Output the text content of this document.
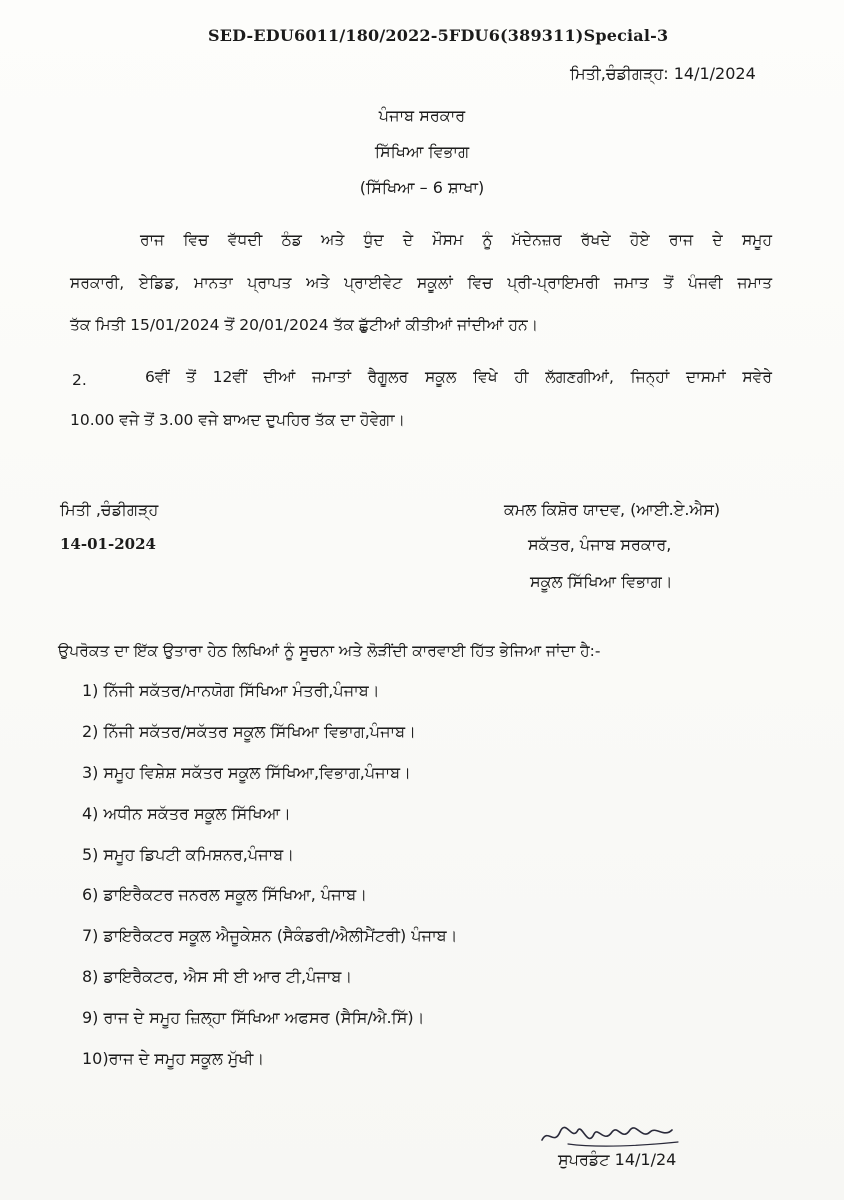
SED-EDU6011/180/2022-5FDU6(389311)Special-3
ਮਿਤੀ,ਚੰਡੀਗੜ੍ਹ: 14/1/2024
ਪੰਜਾਬ ਸਰਕਾਰ
ਸਿੱਖਿਆ ਵਿਭਾਗ
(ਸਿੱਖਿਆ – 6 ਸ਼ਾਖਾ)
ਰਾਜ ਵਿਚ ਵੱਧਦੀ ਠੰਡ ਅਤੇ ਧੁੰਦ ਦੇ ਮੌਸਮ ਨੂੰ ਮੱਦੇਨਜ਼ਰ ਰੱਖਦੇ ਹੋਏ ਰਾਜ ਦੇ ਸਮੂਹ
ਸਰਕਾਰੀ, ਏਡਿਡ, ਮਾਨਤਾ ਪ੍ਰਾਪਤ ਅਤੇ ਪ੍ਰਾਈਵੇਟ ਸਕੂਲਾਂ ਵਿਚ ਪ੍ਰੀ-ਪ੍ਰਾਇਮਰੀ ਜਮਾਤ ਤੋਂ ਪੰਜਵੀ ਜਮਾਤ
ਤੱਕ ਮਿਤੀ 15/01/2024 ਤੋਂ 20/01/2024 ਤੱਕ ਛੁੱਟੀਆਂ ਕੀਤੀਆਂ ਜਾਂਦੀਆਂ ਹਨ।
2.	6ਵੀਂ ਤੋਂ 12ਵੀਂ ਦੀਆਂ ਜਮਾਤਾਂ ਰੈਗੂਲਰ ਸਕੂਲ ਵਿਖੇ ਹੀ ਲੱਗਣਗੀਆਂ, ਜਿਨ੍ਹਾਂ ਦਾਸਮਾਂ ਸਵੇਰੇ
10.00 ਵਜੇ ਤੋਂ 3.00 ਵਜੇ ਬਾਅਦ ਦੁਪਹਿਰ ਤੱਕ ਦਾ ਹੋਵੇਗਾ।
ਮਿਤੀ ,ਚੰਡੀਗੜ੍ਹ
14-01-2024
ਕਮਲ ਕਿਸ਼ੋਰ ਯਾਦਵ, (ਆਈ.ਏ.ਐਸ)
ਸਕੱਤਰ, ਪੰਜਾਬ ਸਰਕਾਰ,
ਸਕੂਲ ਸਿੱਖਿਆ ਵਿਭਾਗ।
ਉਪਰੋਕਤ ਦਾ ਇੱਕ ਉਤਾਰਾ ਹੇਠ ਲਿਖਿਆਂ ਨੂੰ ਸੂਚਨਾ ਅਤੇ ਲੋੜੀਂਦੀ ਕਾਰਵਾਈ ਹਿੱਤ ਭੇਜਿਆ ਜਾਂਦਾ ਹੈ:-
1) ਨਿੱਜੀ ਸਕੱਤਰ/ਮਾਨਯੋਗ ਸਿੱਖਿਆ ਮੰਤਰੀ,ਪੰਜਾਬ।
2) ਨਿੱਜੀ ਸਕੱਤਰ/ਸਕੱਤਰ ਸਕੂਲ ਸਿੱਖਿਆ ਵਿਭਾਗ,ਪੰਜਾਬ।
3) ਸਮੂਹ ਵਿਸ਼ੇਸ਼ ਸਕੱਤਰ ਸਕੂਲ ਸਿੱਖਿਆ,ਵਿਭਾਗ,ਪੰਜਾਬ।
4) ਅਧੀਨ ਸਕੱਤਰ ਸਕੂਲ ਸਿੱਖਿਆ।
5) ਸਮੂਹ ਡਿਪਟੀ ਕਮਿਸ਼ਨਰ,ਪੰਜਾਬ।
6) ਡਾਇਰੈਕਟਰ ਜਨਰਲ ਸਕੂਲ ਸਿੱਖਿਆ, ਪੰਜਾਬ।
7) ਡਾਇਰੈਕਟਰ ਸਕੂਲ ਐਜੂਕੇਸ਼ਨ (ਸੈਕੰਡਰੀ/ਐਲੀਮੈਂਟਰੀ) ਪੰਜਾਬ।
8) ਡਾਇਰੈਕਟਰ, ਐਸ ਸੀ ਈ ਆਰ ਟੀ,ਪੰਜਾਬ।
9) ਰਾਜ ਦੇ ਸਮੂਹ ਜ਼ਿਲ੍ਹਾ ਸਿੱਖਿਆ ਅਫਸਰ (ਸੈਸਿ/ਐ.ਸਿੱ)।
10)ਰਾਜ ਦੇ ਸਮੂਹ ਸਕੂਲ ਮੁੱਖੀ।
ਸੁਪਰਡੰਟ 14/1/24
